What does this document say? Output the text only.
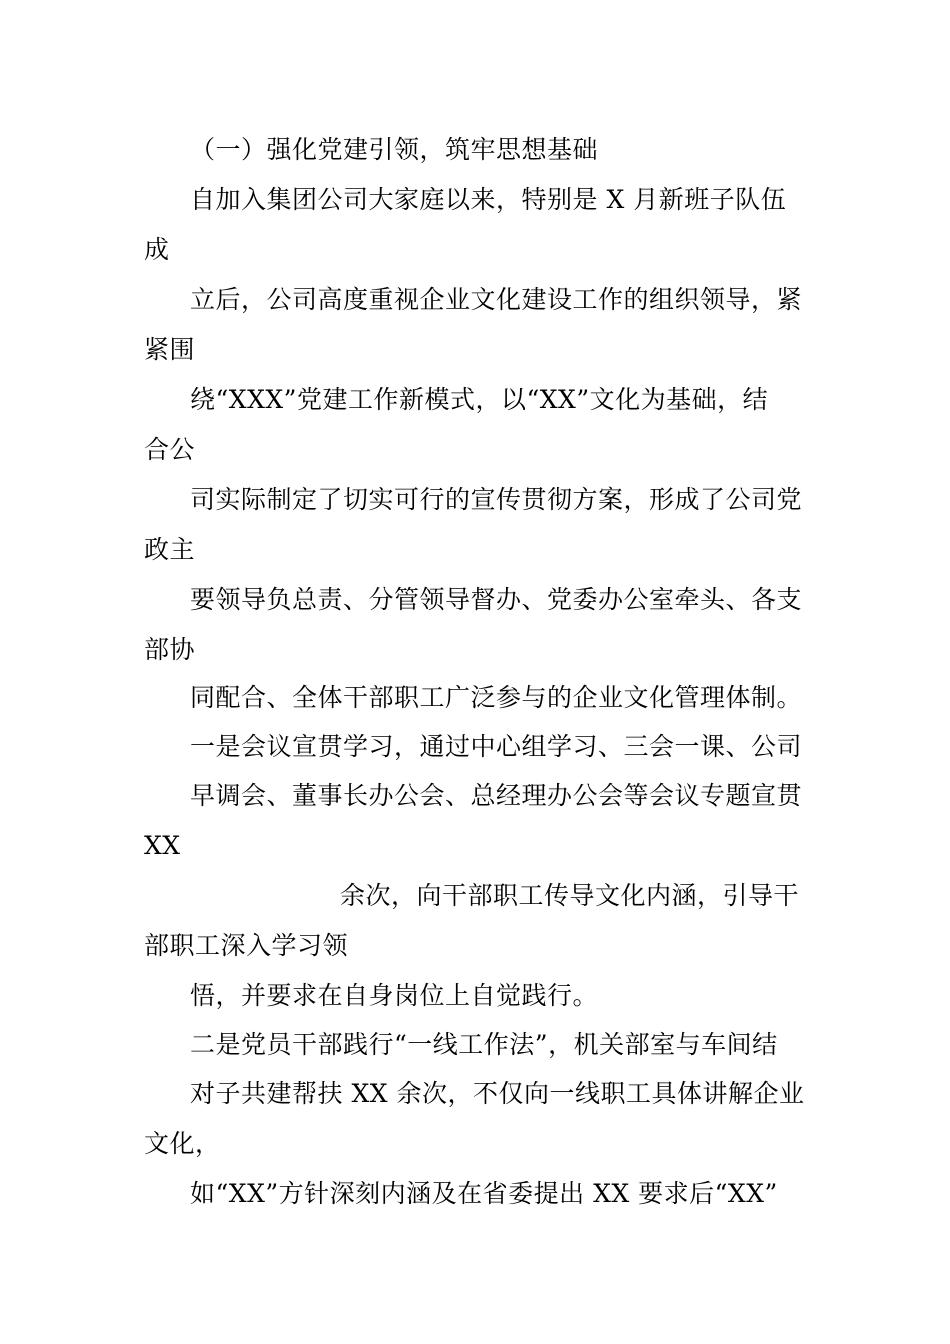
（一）强化党建引领，筑牢思想基础
自加入集团公司大家庭以来，特别是 X 月新班子队伍
成
立后，公司高度重视企业文化建设工作的组织领导，紧
紧围
绕“XXX”党建工作新模式，以“XX”文化为基础，结
合公
司实际制定了切实可行的宣传贯彻方案，形成了公司党
政主
要领导负总责、分管领导督办、党委办公室牵头、各支
部协
同配合、全体干部职工广泛参与的企业文化管理体制。
一是会议宣贯学习，通过中心组学习、三会一课、公司
早调会、董事长办公会、总经理办公会等会议专题宣贯
XX
余次，向干部职工传导文化内涵，引导干
部职工深入学习领
悟，并要求在自身岗位上自觉践行。
二是党员干部践行“一线工作法”，机关部室与车间结
对子共建帮扶 XX 余次，不仅向一线职工具体讲解企业
文化，
如“XX”方针深刻内涵及在省委提出 XX 要求后“XX”
